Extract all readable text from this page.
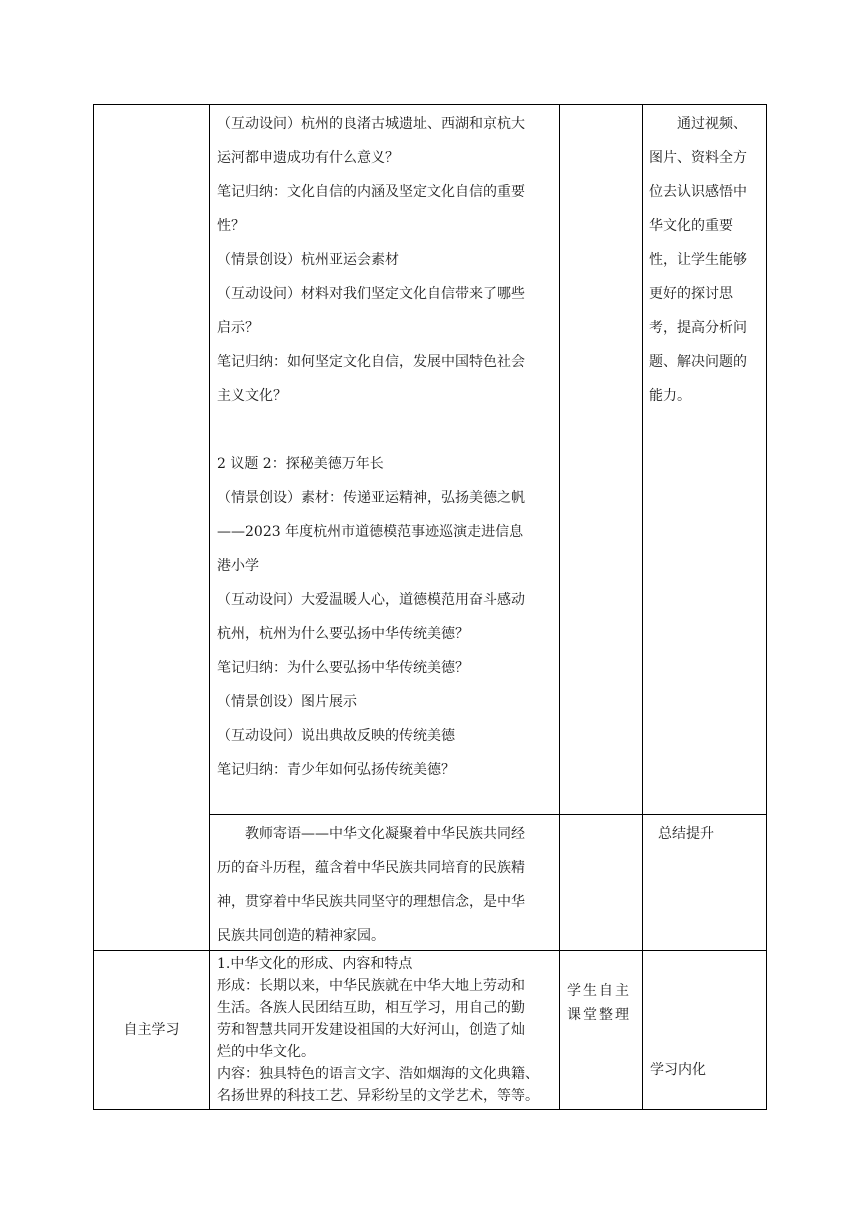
（互动设问）杭州的良渚古城遗址、西湖和京杭大

运河都申遗成功有什么意义？

笔记归纳：文化自信的内涵及坚定文化自信的重要

性？

（情景创设）杭州亚运会素材

（互动设问）材料对我们坚定文化自信带来了哪些

启示？

笔记归纳：如何坚定文化自信，发展中国特色社会

主义文化？

2 议题 2：探秘美德万年长

（情景创设）素材：传递亚运精神，弘扬美德之帆

——2023 年度杭州市道德模范事迹巡演走进信息

港小学

（互动设问）大爱温暖人心，道德模范用奋斗感动

杭州，杭州为什么要弘扬中华传统美德？

笔记归纳：为什么要弘扬中华传统美德？

（情景创设）图片展示

（互动设问）说出典故反映的传统美德

笔记归纳：青少年如何弘扬传统美德？

通过视频、

图片、资料全方

位去认识感悟中

华文化的重要

性，让学生能够

更好的探讨思

考，提高分析问

题、解决问题的

能力。

教师寄语——中华文化凝聚着中华民族共同经

历的奋斗历程，蕴含着中华民族共同培育的民族精

神，贯穿着中华民族共同坚守的理想信念，是中华

民族共同创造的精神家园。

总结提升

自主学习

1.中华文化的形成、内容和特点

形成：长期以来，中华民族就在中华大地上劳动和

生活。各族人民团结互助，相互学习，用自己的勤

劳和智慧共同开发建设祖国的大好河山，创造了灿

烂的中华文化。

内容：独具特色的语言文字、浩如烟海的文化典籍、

名扬世界的科技工艺、异彩纷呈的文学艺术，等等。

学生自主

课堂整理

学习内化
